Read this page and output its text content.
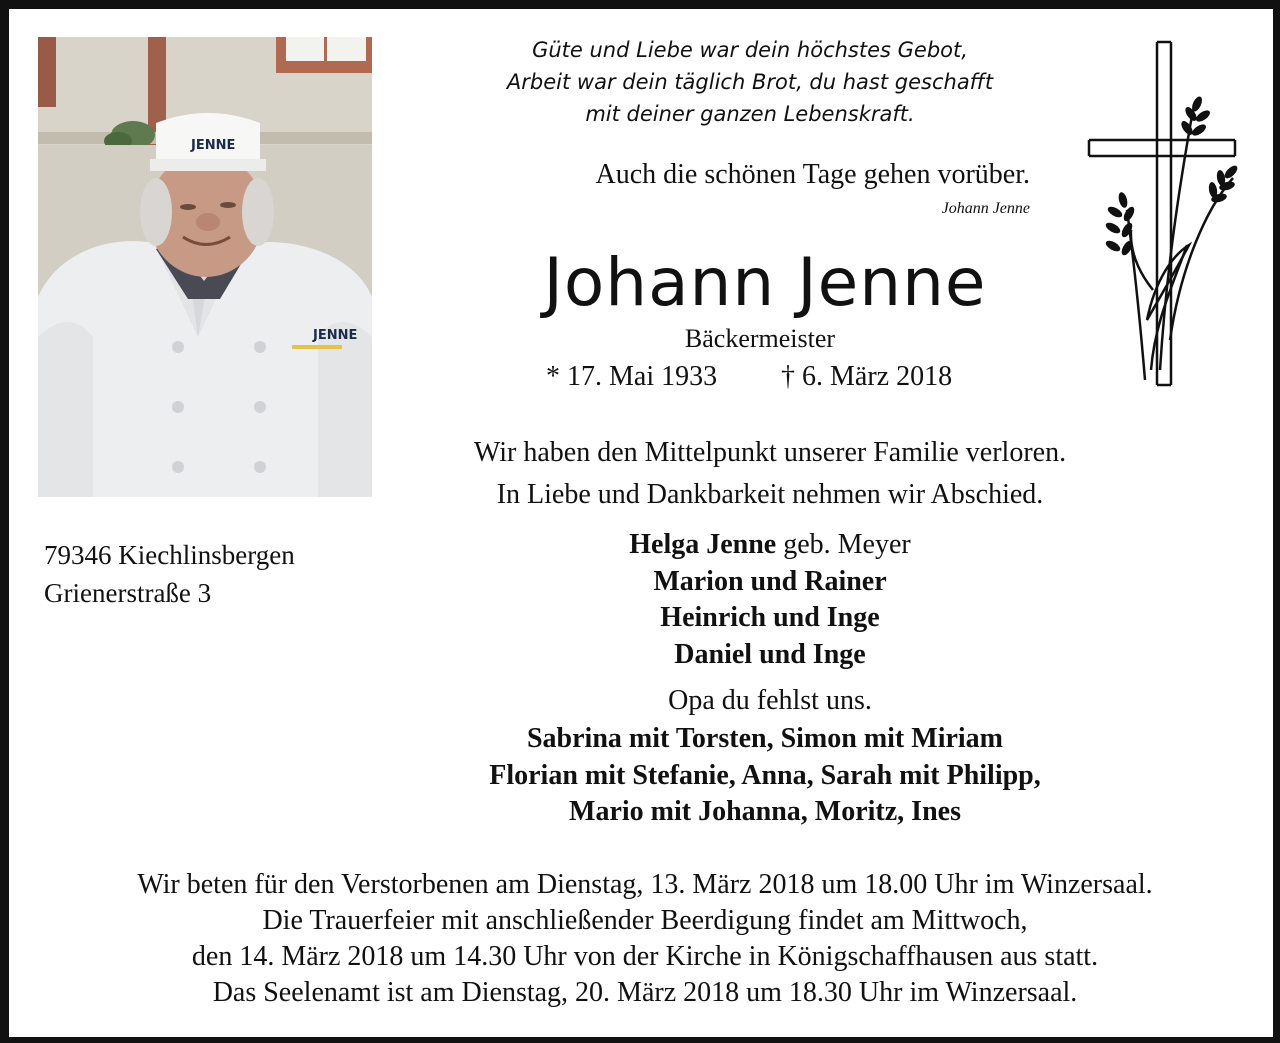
JENNE
JENNE
79346 Kiechlinsbergen
Grienerstraße 3
Güte und Liebe war dein höchstes Gebot,
Arbeit war dein täglich Brot, du hast geschafft
mit deiner ganzen Lebenskraft.
Auch die schönen Tage gehen vorüber.
Johann Jenne
Johann Jenne
Bäckermeister
* 17. Mai 1933 † 6. März 2018
Wir haben den Mittelpunkt unserer Familie verloren.
In Liebe und Dankbarkeit nehmen wir Abschied.
Helga Jenne geb. Meyer
Marion und Rainer
Heinrich und Inge
Daniel und Inge
Opa du fehlst uns.
Sabrina mit Torsten, Simon mit Miriam
Florian mit Stefanie, Anna, Sarah mit Philipp,
Mario mit Johanna, Moritz, Ines
Wir beten für den Verstorbenen am Dienstag, 13. März 2018 um 18.00 Uhr im Winzersaal.
Die Trauerfeier mit anschließender Beerdigung findet am Mittwoch,
den 14. März 2018 um 14.30 Uhr von der Kirche in Königschaffhausen aus statt.
Das Seelenamt ist am Dienstag, 20. März 2018 um 18.30 Uhr im Winzersaal.
